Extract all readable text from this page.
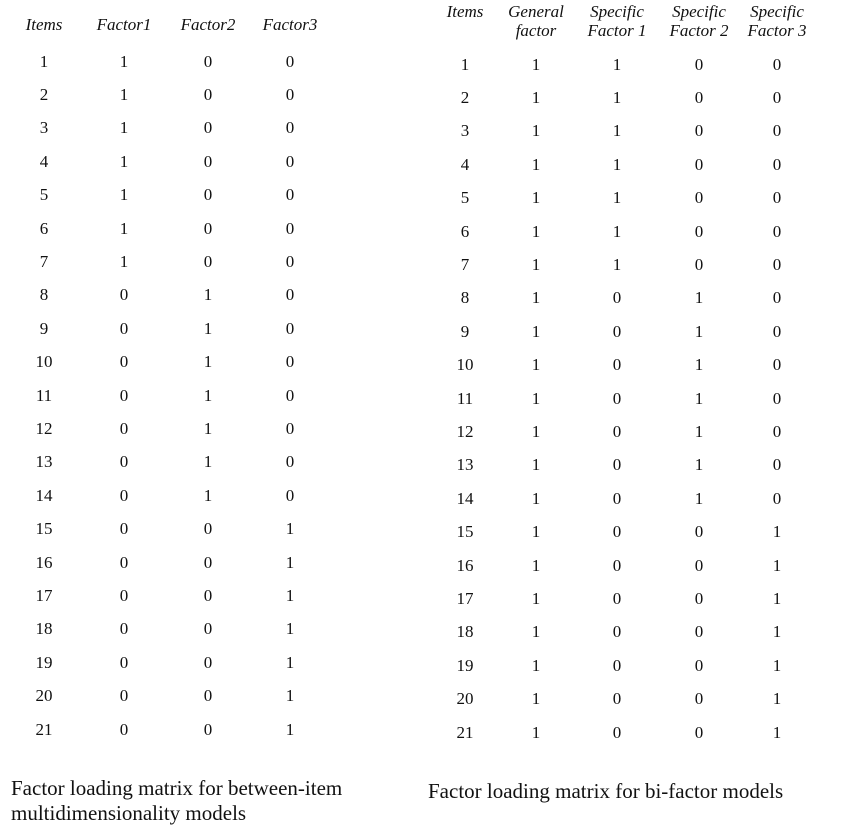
Items	Factor1	Factor2	Factor3
1	1	0	0
2	1	0	0
3	1	0	0
4	1	0	0
5	1	0	0
6	1	0	0
7	1	0	0
8	0	1	0
9	0	1	0
10	0	1	0
11	0	1	0
12	0	1	0
13	0	1	0
14	0	1	0
15	0	0	1
16	0	0	1
17	0	0	1
18	0	0	1
19	0	0	1
20	0	0	1
21	0	0	1
Factor loading matrix for between-item multidimensionality models
Items	General factor	Specific Factor 1	Specific Factor 2	Specific Factor 3
1	1	1	0	0
2	1	1	0	0
3	1	1	0	0
4	1	1	0	0
5	1	1	0	0
6	1	1	0	0
7	1	1	0	0
8	1	0	1	0
9	1	0	1	0
10	1	0	1	0
11	1	0	1	0
12	1	0	1	0
13	1	0	1	0
14	1	0	1	0
15	1	0	0	1
16	1	0	0	1
17	1	0	0	1
18	1	0	0	1
19	1	0	0	1
20	1	0	0	1
21	1	0	0	1
Factor loading matrix for bi-factor models
